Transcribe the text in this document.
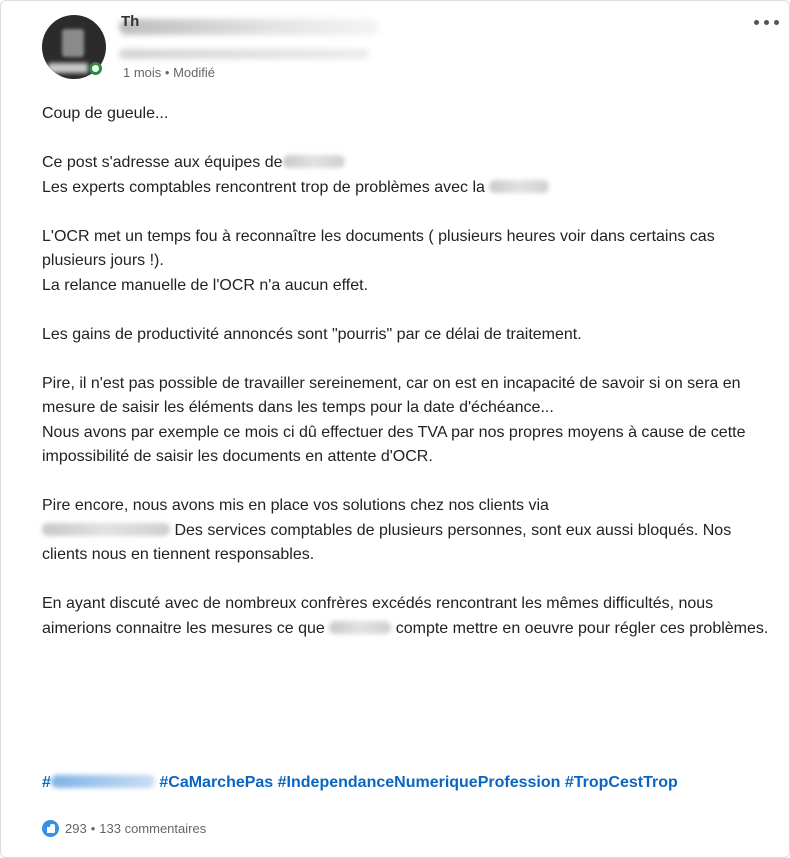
Th
1 mois • Modifié

Coup de gueule...

Ce post s'adresse aux équipes de
Les experts comptables rencontrent trop de problèmes avec la

L'OCR met un temps fou à reconnaître les documents ( plusieurs heures voir dans certains cas plusieurs jours !).
La relance manuelle de l'OCR n'a aucun effet.

Les gains de productivité annoncés sont "pourris" par ce délai de traitement.

Pire, il n'est pas possible de travailler sereinement, car on est en incapacité de savoir si on sera en mesure de saisir les éléments dans les temps pour la date d'échéance...
Nous avons par exemple ce mois ci dû effectuer des TVA par nos propres moyens à cause de cette impossibilité de saisir les documents en attente d'OCR.

Pire encore, nous avons mis en place vos solutions chez nos clients via
Des services comptables de plusieurs personnes, sont eux aussi bloqués. Nos clients nous en tiennent responsables.

En ayant discuté avec de nombreux confrères excédés rencontrant les mêmes difficultés, nous aimerions connaitre les mesures ce que	compte mettre en oeuvre pour régler ces problèmes.

#	#CaMarchePas #IndependanceNumeriqueProfession #TropCestTrop
293 • 133 commentaires
